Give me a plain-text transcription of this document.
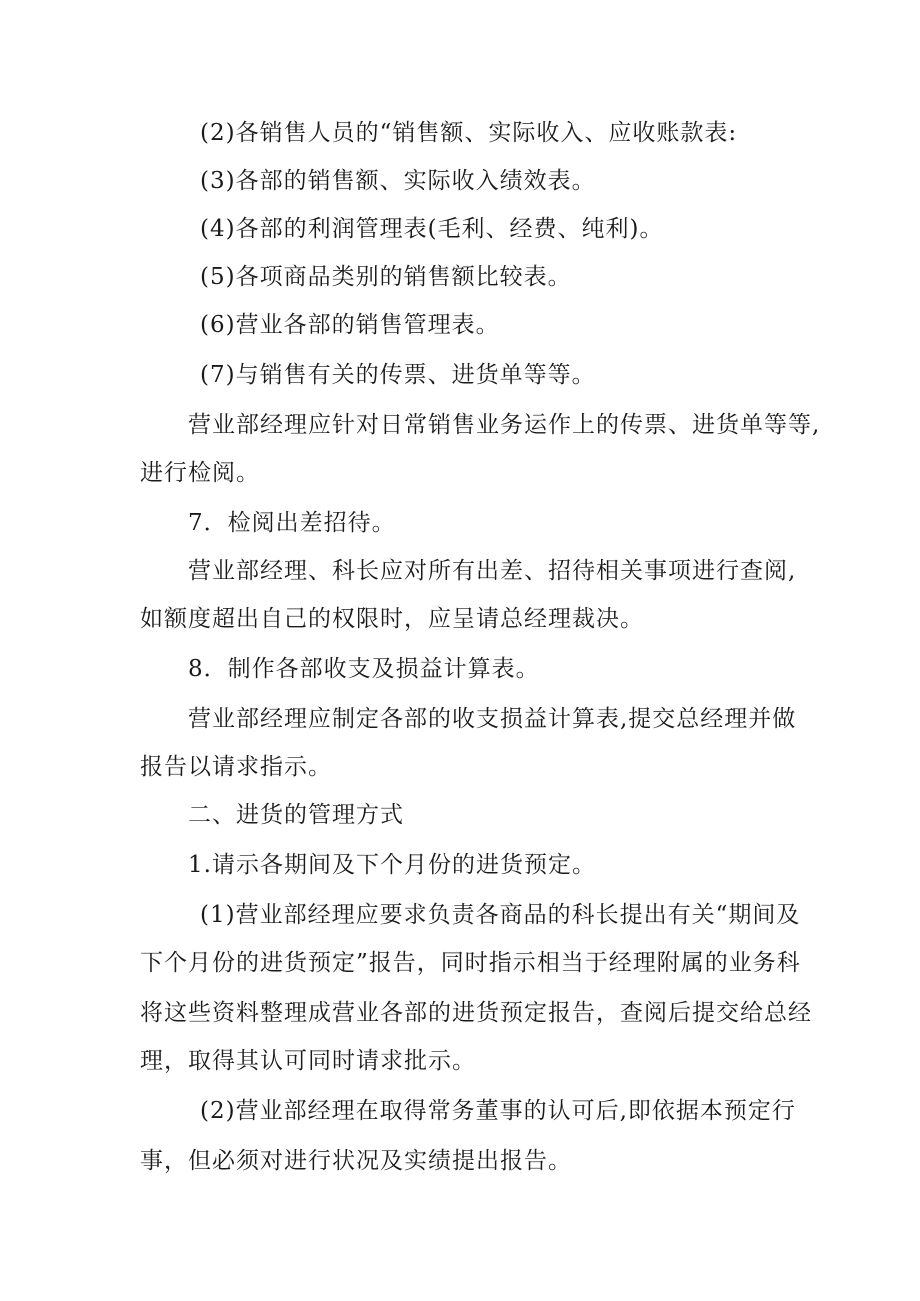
(2)各销售人员的“销售额、实际收入、应收账款表:
(3)各部的销售额、实际收入绩效表。
(4)各部的利润管理表(毛利、经费、纯利)。
(5)各项商品类别的销售额比较表。
(6)营业各部的销售管理表。
(7)与销售有关的传票、进货单等等。
营业部经理应针对日常销售业务运作上的传票、进货单等等,
进行检阅。
7．检阅出差招待。
营业部经理、科长应对所有出差、招待相关事项进行查阅,
如额度超出自己的权限时，应呈请总经理裁决。
8．制作各部收支及损益计算表。
营业部经理应制定各部的收支损益计算表,提交总经理并做
报告以请求指示。
二、进货的管理方式
1.请示各期间及下个月份的进货预定。
(1)营业部经理应要求负责各商品的科长提出有关“期间及
下个月份的进货预定”报告，同时指示相当于经理附属的业务科
将这些资料整理成营业各部的进货预定报告，查阅后提交给总经
理，取得其认可同时请求批示。
(2)营业部经理在取得常务董事的认可后,即依据本预定行
事，但必须对进行状况及实绩提出报告。
